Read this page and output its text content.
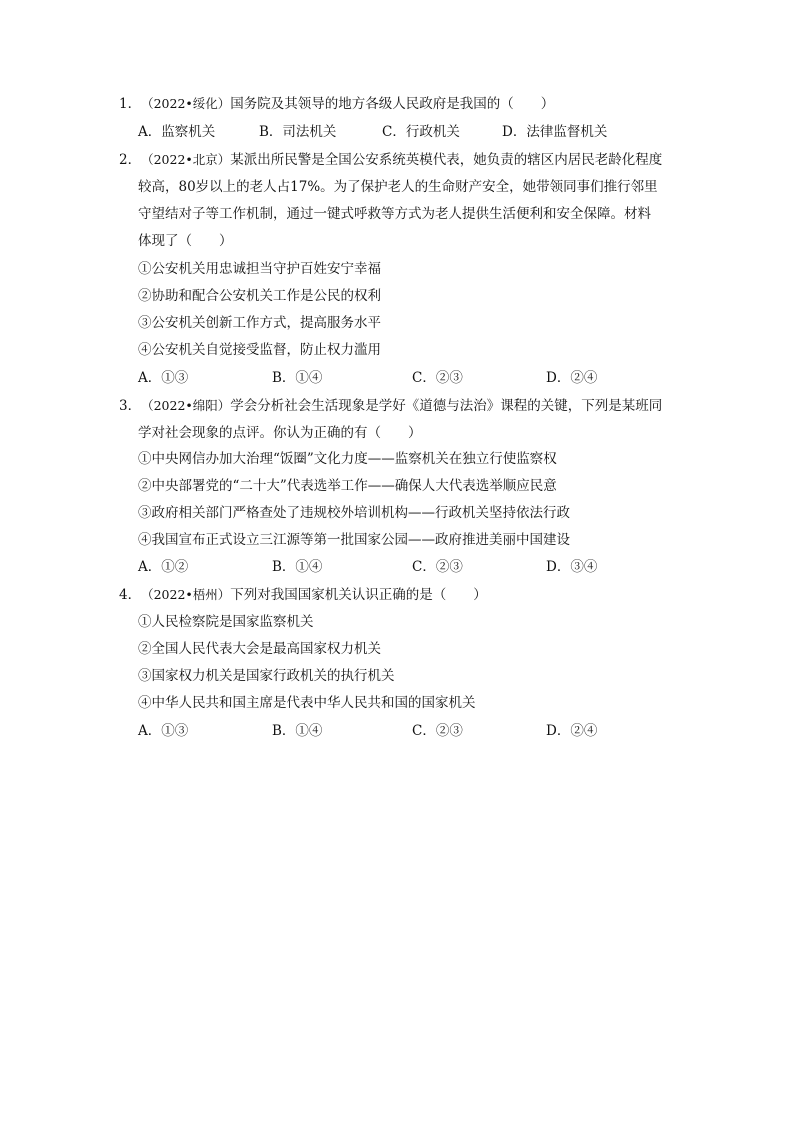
1．（2022•绥化）国务院及其领导的地方各级人民政府是我国的（　　）
A．监察机关	B．司法机关	C．行政机关	D．法律监督机关
2．（2022•北京）某派出所民警是全国公安系统英模代表，她负责的辖区内居民老龄化程度
较高，80岁以上的老人占17%。为了保护老人的生命财产安全，她带领同事们推行邻里
守望结对子等工作机制，通过一键式呼救等方式为老人提供生活便利和安全保障。材料
体现了（　　）
①公安机关用忠诚担当守护百姓安宁幸福
②协助和配合公安机关工作是公民的权利
③公安机关创新工作方式，提高服务水平
④公安机关自觉接受监督，防止权力滥用
A．①③	B．①④	C．②③	D．②④
3．（2022•绵阳）学会分析社会生活现象是学好《道德与法治》课程的关键，下列是某班同
学对社会现象的点评。你认为正确的有（　　）
①中央网信办加大治理“饭圈”文化力度——监察机关在独立行使监察权
②中央部署党的“二十大”代表选举工作——确保人大代表选举顺应民意
③政府相关部门严格查处了违规校外培训机构——行政机关坚持依法行政
④我国宣布正式设立三江源等第一批国家公园——政府推进美丽中国建设
A．①②	B．①④	C．②③	D．③④
4．（2022•梧州）下列对我国国家机关认识正确的是（　　）
①人民检察院是国家监察机关
②全国人民代表大会是最高国家权力机关
③国家权力机关是国家行政机关的执行机关
④中华人民共和国主席是代表中华人民共和国的国家机关
A．①③	B．①④	C．②③	D．②④
